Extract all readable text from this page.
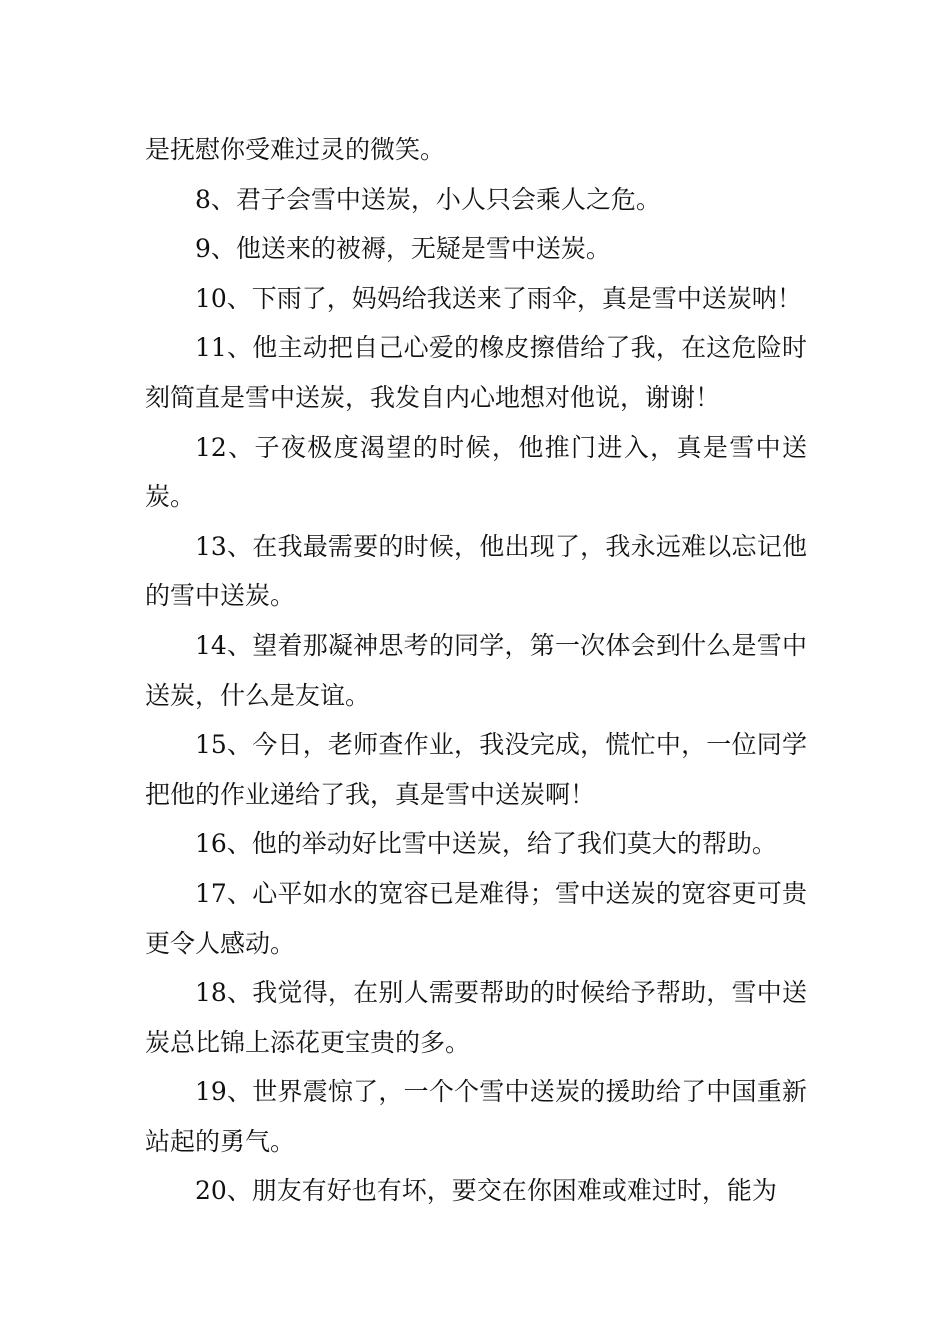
是抚慰你受难过灵的微笑。

8、君子会雪中送炭，小人只会乘人之危。

9、他送来的被褥，无疑是雪中送炭。

10、下雨了，妈妈给我送来了雨伞，真是雪中送炭呐！

11、他主动把自己心爱的橡皮擦借给了我，在这危险时刻简直是雪中送炭，我发自内心地想对他说，谢谢！

12、子夜极度渴望的时候，他推门进入，真是雪中送炭。

13、在我最需要的时候，他出现了，我永远难以忘记他的雪中送炭。

14、望着那凝神思考的同学，第一次体会到什么是雪中送炭，什么是友谊。

15、今日，老师查作业，我没完成，慌忙中，一位同学把他的作业递给了我，真是雪中送炭啊！

16、他的举动好比雪中送炭，给了我们莫大的帮助。

17、心平如水的宽容已是难得；雪中送炭的宽容更可贵更令人感动。

18、我觉得，在别人需要帮助的时候给予帮助，雪中送炭总比锦上添花更宝贵的多。

19、世界震惊了，一个个雪中送炭的援助给了中国重新站起的勇气。

20、朋友有好也有坏，要交在你困难或难过时，能为
